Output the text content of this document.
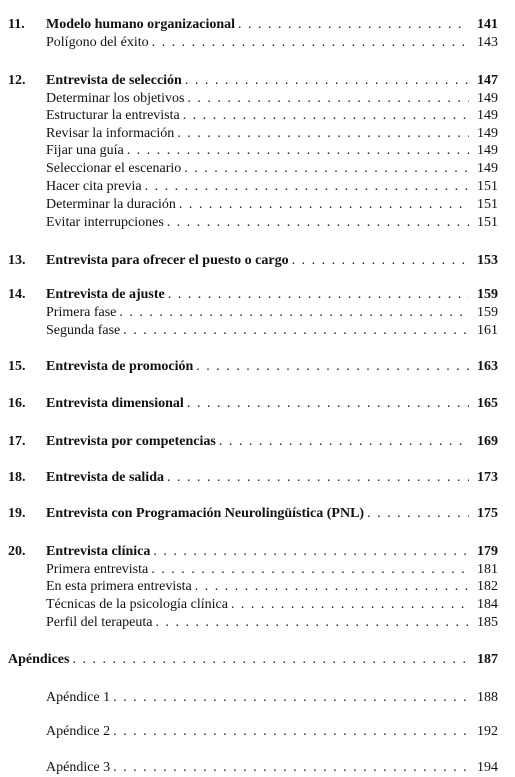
11. Modelo humano organizacional . . .	141
Polígono del éxito . . .	143
12. Entrevista de selección . . .	147
Determinar los objetivos . . .	149
Estructurar la entrevista . . .	149
Revisar la información . . .	149
Fijar una guía . . .	149
Seleccionar el escenario . . .	149
Hacer cita previa . . .	151
Determinar la duración . . .	151
Evitar interrupciones . . .	151
13. Entrevista para ofrecer el puesto o cargo . . .	153
14. Entrevista de ajuste . . .	159
Primera fase . . .	159
Segunda fase . . .	161
15. Entrevista de promoción . . .	163
16. Entrevista dimensional . . .	165
17. Entrevista por competencias . . .	169
18. Entrevista de salida . . .	173
19. Entrevista con Programación Neurolingüística (PNL) . . .	175
20. Entrevista clínica . . .	179
Primera entrevista . . .	181
En esta primera entrevista . . .	182
Técnicas de la psicología clínica . . .	184
Perfil del terapeuta . . .	185
Apéndices . . .	187
Apéndice 1 . . .	188
Apéndice 2 . . .	192
Apéndice 3 . . .	194
